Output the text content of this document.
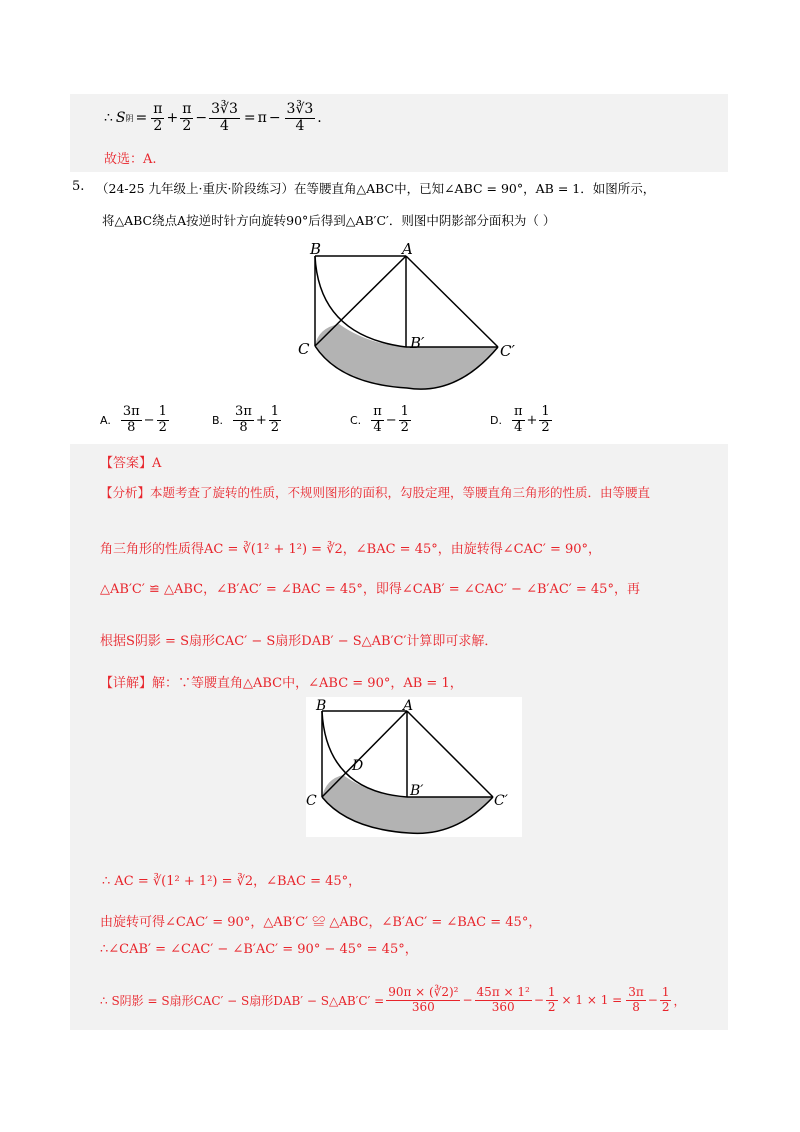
∴ S 阴 = $\frac{\pi}{2} + \frac{\pi}{2} - \frac{3∛3}{4} = \pi - \frac{3∛3}{4}$ .
故选：A.
5. （24-25 九年级上·重庆·阶段练习）在等腰直角△ABC中，已知∠ABC = 90°，AB = 1．如图所示，
将△ABC绕点A按逆时针方向旋转90°后得到△AB′C′．则图中阴影部分面积为（ ）
B	A
C	B′	C′
A. $\frac{3\pi}{8} - \frac{1}{2}$	B. $\frac{3\pi}{8} + \frac{1}{2}$	C. $\frac{\pi}{4} - \frac{1}{2}$	D. $\frac{\pi}{4} + \frac{1}{2}$
【答案】A
【分析】本题考查了旋转的性质，不规则图形的面积，勾股定理，等腰直角三角形的性质．由等腰直
角三角形的性质得AC = ∛(1² + 1²) = ∛2，∠BAC = 45°，由旋转得∠CAC′ = 90°，
△AB′C′ ≌ △ABC，∠B′AC′ = ∠BAC = 45°，即得∠CAB′ = ∠CAC′ − ∠B′AC′ = 45°，再
根据S阴影 = S扇形CAC′ − S扇形DAB′ − S△AB′C′计算即可求解．
【详解】解：∵等腰直角△ABC中，∠ABC = 90°，AB = 1，
B	A
D
C
B′
C′
∴ AC = ∛(1² + 1²) = ∛2，∠BAC = 45°，
由旋转可得∠CAC′ = 90°，△AB′C′ ≌ △ABC，∠B′AC′ = ∠BAC = 45°，
∴∠CAB′ = ∠CAC′ − ∠B′AC′ = 90° − 45° = 45°，
∴ S阴影 = S扇形CAC′ − S扇形DAB′ − S△AB′C′ = $\frac{\text{90π × (∛2)²}}{360} - \frac{\text{45π × 1²}}{360} - \frac{1}{2} \times 1 \times 1 = \frac{3\pi}{8} - \frac{1}{2}$ ，
